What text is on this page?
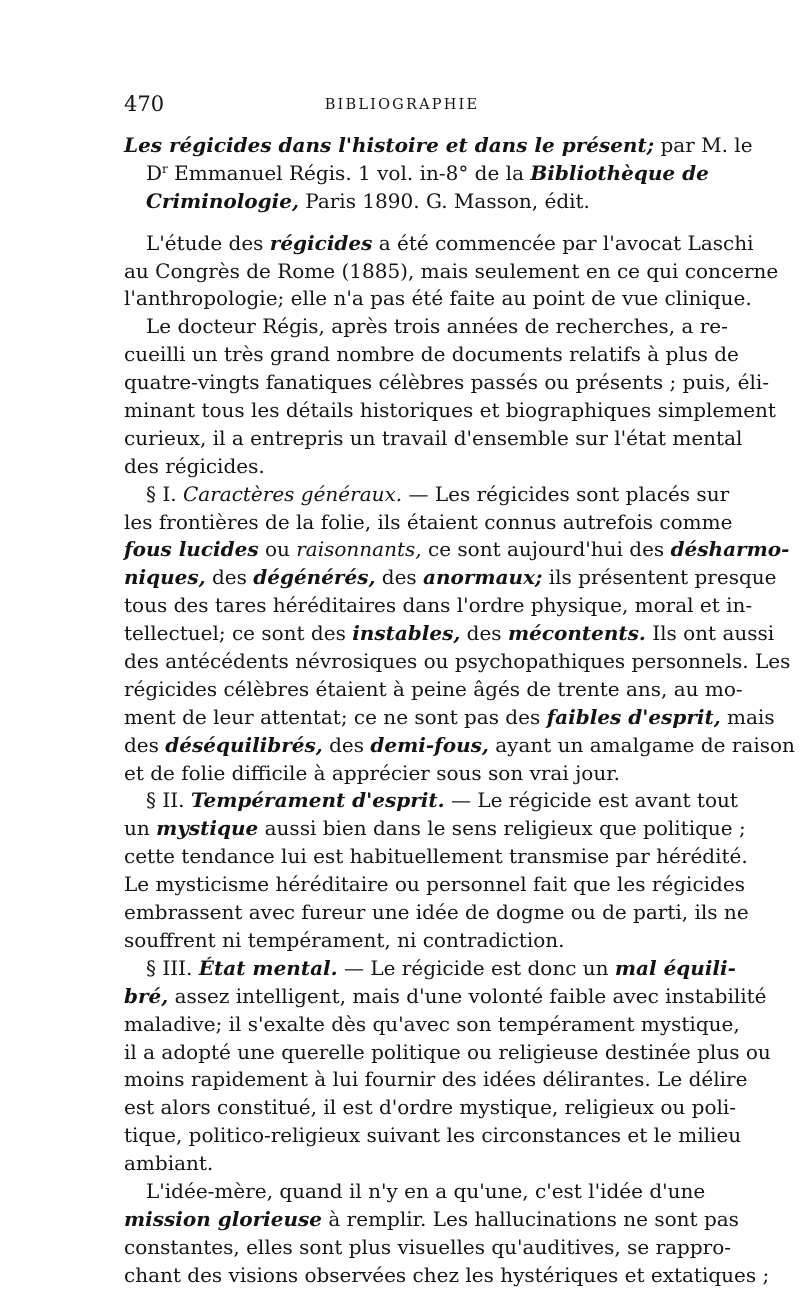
470	BIBLIOGRAPHIE
Les régicides dans l'histoire et dans le présent; par M. le
$D^r$ Emmanuel Régis. 1 vol. in-8° de la Bibliothèque de
Criminologie, Paris 1890. G. Masson, édit.
L'étude des régicides a été commencée par l'avocat Laschi
au Congrès de Rome (1885), mais seulement en ce qui concerne
l'anthropologie; elle n'a pas été faite au point de vue clinique.
Le docteur Régis, après trois années de recherches, a re-
cueilli un très grand nombre de documents relatifs à plus de
quatre-vingts fanatiques célèbres passés ou présents ; puis, éli-
minant tous les détails historiques et biographiques simplement
curieux, il a entrepris un travail d'ensemble sur l'état mental
des régicides.
§ I. Caractères généraux. — Les régicides sont placés sur
les frontières de la folie, ils étaient connus autrefois comme
fous lucides ou raisonnants, ce sont aujourd'hui des désharmo-
niques, des dégénérés, des anormaux; ils présentent presque
tous des tares héréditaires dans l'ordre physique, moral et in-
tellectuel; ce sont des instables, des mécontents. Ils ont aussi
des antécédents névrosiques ou psychopathiques personnels. Les
régicides célèbres étaient à peine âgés de trente ans, au mo-
ment de leur attentat; ce ne sont pas des faibles d'esprit, mais
des déséquilibrés, des demi-fous, ayant un amalgame de raison
et de folie difficile à apprécier sous son vrai jour.
§ II. Tempérament d'esprit. — Le régicide est avant tout
un mystique aussi bien dans le sens religieux que politique ;
cette tendance lui est habituellement transmise par hérédité.
Le mysticisme héréditaire ou personnel fait que les régicides
embrassent avec fureur une idée de dogme ou de parti, ils ne
souffrent ni tempérament, ni contradiction.
§ III. État mental. — Le régicide est donc un mal équili-
bré, assez intelligent, mais d'une volonté faible avec instabilité
maladive; il s'exalte dès qu'avec son tempérament mystique,
il a adopté une querelle politique ou religieuse destinée plus ou
moins rapidement à lui fournir des idées délirantes. Le délire
est alors constitué, il est d'ordre mystique, religieux ou poli-
tique, politico-religieux suivant les circonstances et le milieu
ambiant.
L'idée-mère, quand il n'y en a qu'une, c'est l'idée d'une
mission glorieuse à remplir. Les hallucinations ne sont pas
constantes, elles sont plus visuelles qu'auditives, se rappro-
chant des visions observées chez les hystériques et extatiques ;
